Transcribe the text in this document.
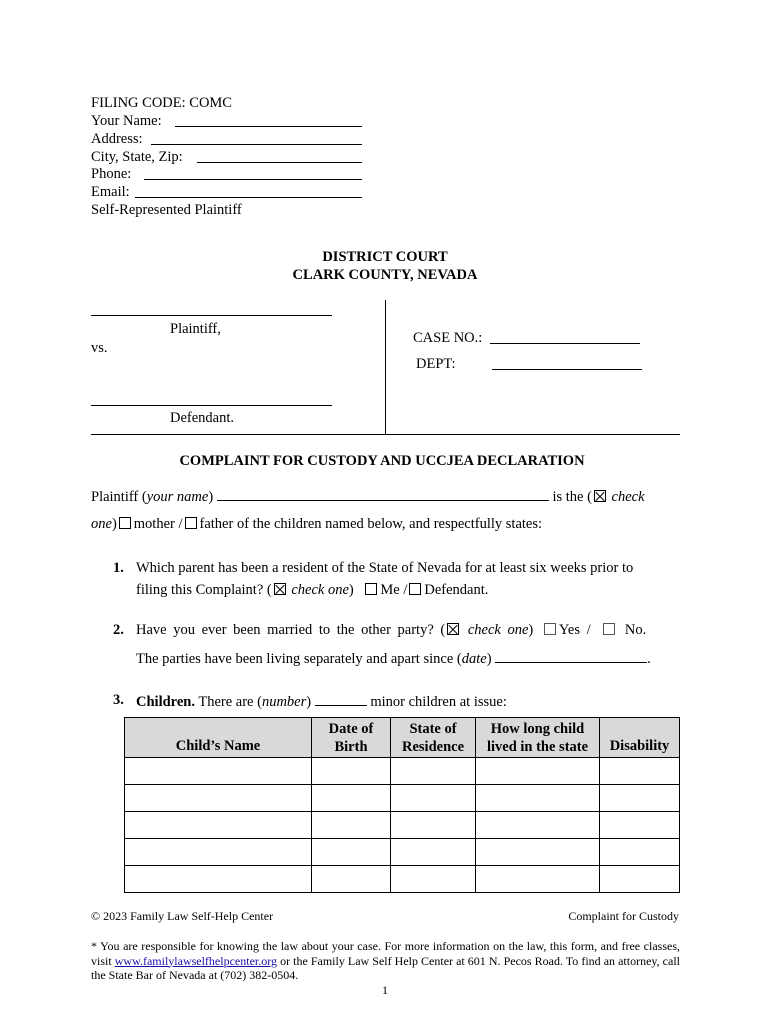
FILING CODE: COMC
Your Name:
Address:
City, State, Zip:
Phone:
Email:
Self-Represented Plaintiff
DISTRICT COURT
CLARK COUNTY, NEVADA
Plaintiff,
vs.
Defendant.
CASE NO.:
DEPT:
COMPLAINT FOR CUSTODY AND UCCJEA DECLARATION
Plaintiff (your name)	is the ( check
one) mother / father of the children named below, and respectfully states:
1. Which parent has been a resident of the State of Nevada for at least six weeks prior to
filing this Complaint? ( check one) Me / Defendant.
2. Have you ever been married to the other party? ( check one) Yes / No.
The parties have been living separately and apart since (date)	.
3. Children. There are (number)	minor children at issue:
Child’s Name	Date of Birth	State of Residence	How long child lived in the state	Disability

© 2023 Family Law Self-Help Center	Complaint for Custody
* You are responsible for knowing the law about your case. For more information on the law, this form, and free classes, visit www.familylawselfhelpcenter.org or the Family Law Self Help Center at 601 N. Pecos Road. To find an attorney, call the State Bar of Nevada at (702) 382-0504.
1
